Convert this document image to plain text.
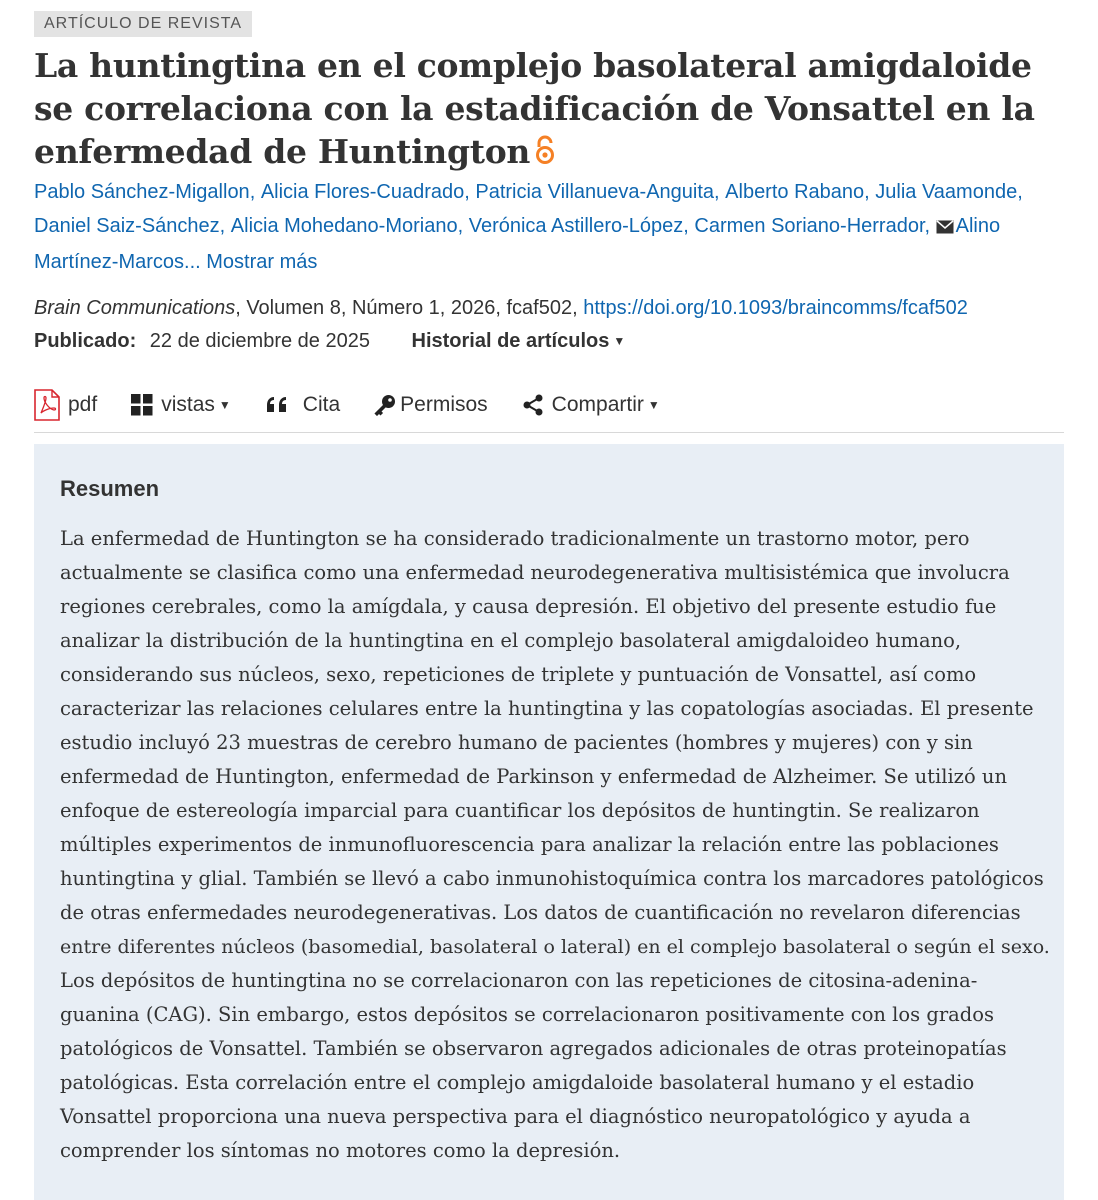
ARTÍCULO DE REVISTA
La huntingtina en el complejo basolateral amigdaloide se correlaciona con la estadificación de Vonsattel en la enfermedad de Huntington
Pablo Sánchez-Migallon, Alicia Flores-Cuadrado, Patricia Villanueva-Anguita, Alberto Rabano, Julia Vaamonde,
Daniel Saiz-Sánchez, Alicia Mohedano-Moriano, Verónica Astillero-López, Carmen Soriano-Herrador, Alino Martínez-Marcos... Mostrar más
Brain Communications, Volumen 8, Número 1, 2026, fcaf502, https://doi.org/10.1093/braincomms/fcaf502
Publicado: 22 de diciembre de 2025 Historial de artículos ▼
pdf	vistas ▼	Cita	Permisos	Compartir ▼
Resumen

La enfermedad de Huntington se ha considerado tradicionalmente un trastorno motor, pero
actualmente se clasifica como una enfermedad neurodegenerativa multisistémica que involucra
regiones cerebrales, como la amígdala, y causa depresión. El objetivo del presente estudio fue
analizar la distribución de la huntingtina en el complejo basolateral amigdaloideo humano,
considerando sus núcleos, sexo, repeticiones de triplete y puntuación de Vonsattel, así como
caracterizar las relaciones celulares entre la huntingtina y las copatologías asociadas. El presente
estudio incluyó 23 muestras de cerebro humano de pacientes (hombres y mujeres) con y sin
enfermedad de Huntington, enfermedad de Parkinson y enfermedad de Alzheimer. Se utilizó un
enfoque de estereología imparcial para cuantificar los depósitos de huntingtin. Se realizaron
múltiples experimentos de inmunofluorescencia para analizar la relación entre las poblaciones
huntingtina y glial. También se llevó a cabo inmunohistoquímica contra los marcadores patológicos
de otras enfermedades neurodegenerativas. Los datos de cuantificación no revelaron diferencias
entre diferentes núcleos (basomedial, basolateral o lateral) en el complejo basolateral o según el sexo.
Los depósitos de huntingtina no se correlacionaron con las repeticiones de citosina-adenina-
guanina (CAG). Sin embargo, estos depósitos se correlacionaron positivamente con los grados
patológicos de Vonsattel. También se observaron agregados adicionales de otras proteinopatías
patológicas. Esta correlación entre el complejo amigdaloide basolateral humano y el estadio
Vonsattel proporciona una nueva perspectiva para el diagnóstico neuropatológico y ayuda a
comprender los síntomas no motores como la depresión.
